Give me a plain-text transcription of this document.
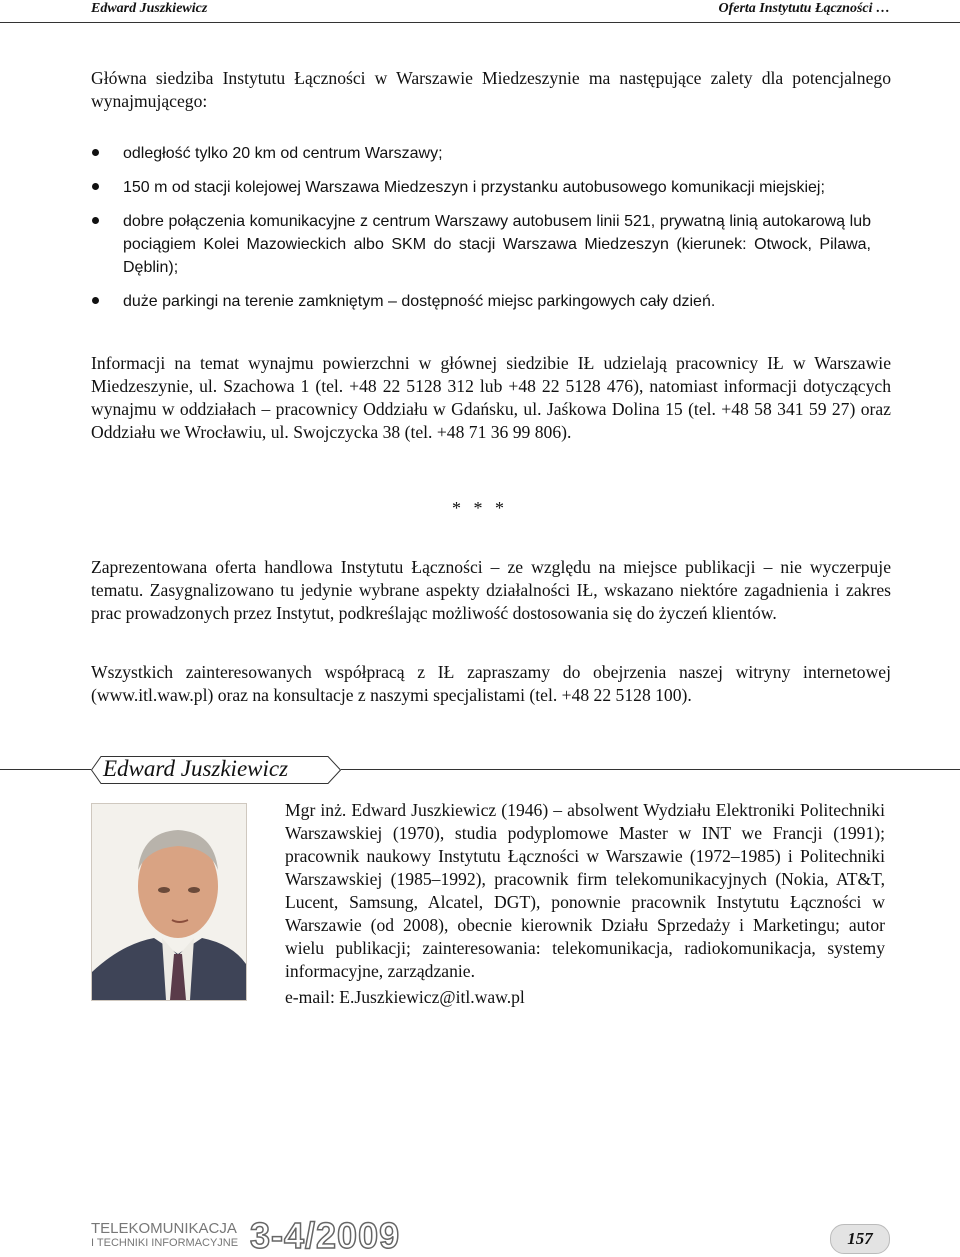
Edward Juszkiewicz	Oferta Instytutu Łączności …

Główna siedziba Instytutu Łączności w Warszawie Miedzeszynie ma następujące zalety dla potencjalnego wynajmującego:

odległość tylko 20 km od centrum Warszawy;
150 m od stacji kolejowej Warszawa Miedzeszyn i przystanku autobusowego komunikacji miejskiej;
dobre połączenia komunikacyjne z centrum Warszawy autobusem linii 521, prywatną linią autokarową lub pociągiem Kolei Mazowieckich albo SKM do stacji Warszawa Miedzeszyn (kierunek: Otwock, Pilawa, Dęblin);
duże parkingi na terenie zamkniętym – dostępność miejsc parkingowych cały dzień.

Informacji na temat wynajmu powierzchni w głównej siedzibie IŁ udzielają pracownicy IŁ w Warszawie Miedzeszynie, ul. Szachowa 1 (tel. +48 22 5128 312 lub +48 22 5128 476), natomiast informacji dotyczących wynajmu w oddziałach – pracownicy Oddziału w Gdańsku, ul. Jaśkowa Dolina 15 (tel. +48 58 341 59 27) oraz Oddziału we Wrocławiu, ul. Swojczycka 38 (tel. +48 71 36 99 806).

* * *

Zaprezentowana oferta handlowa Instytutu Łączności – ze względu na miejsce publikacji – nie wyczerpuje tematu. Zasygnalizowano tu jedynie wybrane aspekty działalności IŁ, wskazano niektóre zagadnienia i zakres prac prowadzonych przez Instytut, podkreślając możliwość dostosowania się do życzeń klientów.

Wszystkich zainteresowanych współpracą z IŁ zapraszamy do obejrzenia naszej witryny internetowej (www.itl.waw.pl) oraz na konsultacje z naszymi specjalistami (tel. +48 22 5128 100).

Edward Juszkiewicz

Mgr inż. Edward Juszkiewicz (1946) – absolwent Wydziału Elektroniki Politechniki Warszawskiej (1970), studia podyplomowe Master w INT we Francji (1991); pracownik naukowy Instytutu Łączności w Warszawie (1972–1985) i Politechniki Warszawskiej (1985–1992), pracownik firm telekomunikacyjnych (Nokia, AT&T, Lucent, Samsung, Alcatel, DGT), ponownie pracownik Instytutu Łączności w Warszawie (od 2008), obecnie kierownik Działu Sprzedaży i Marketingu; autor wielu publikacji; zainteresowania: telekomunikacja, radiokomunikacja, systemy informacyjne, zarządzanie.

e-mail: E.Juszkiewicz@itl.waw.pl
TELEKOMUNIKACJA
I TECHNIKI INFORMACYJNE 3-4/2009	157
